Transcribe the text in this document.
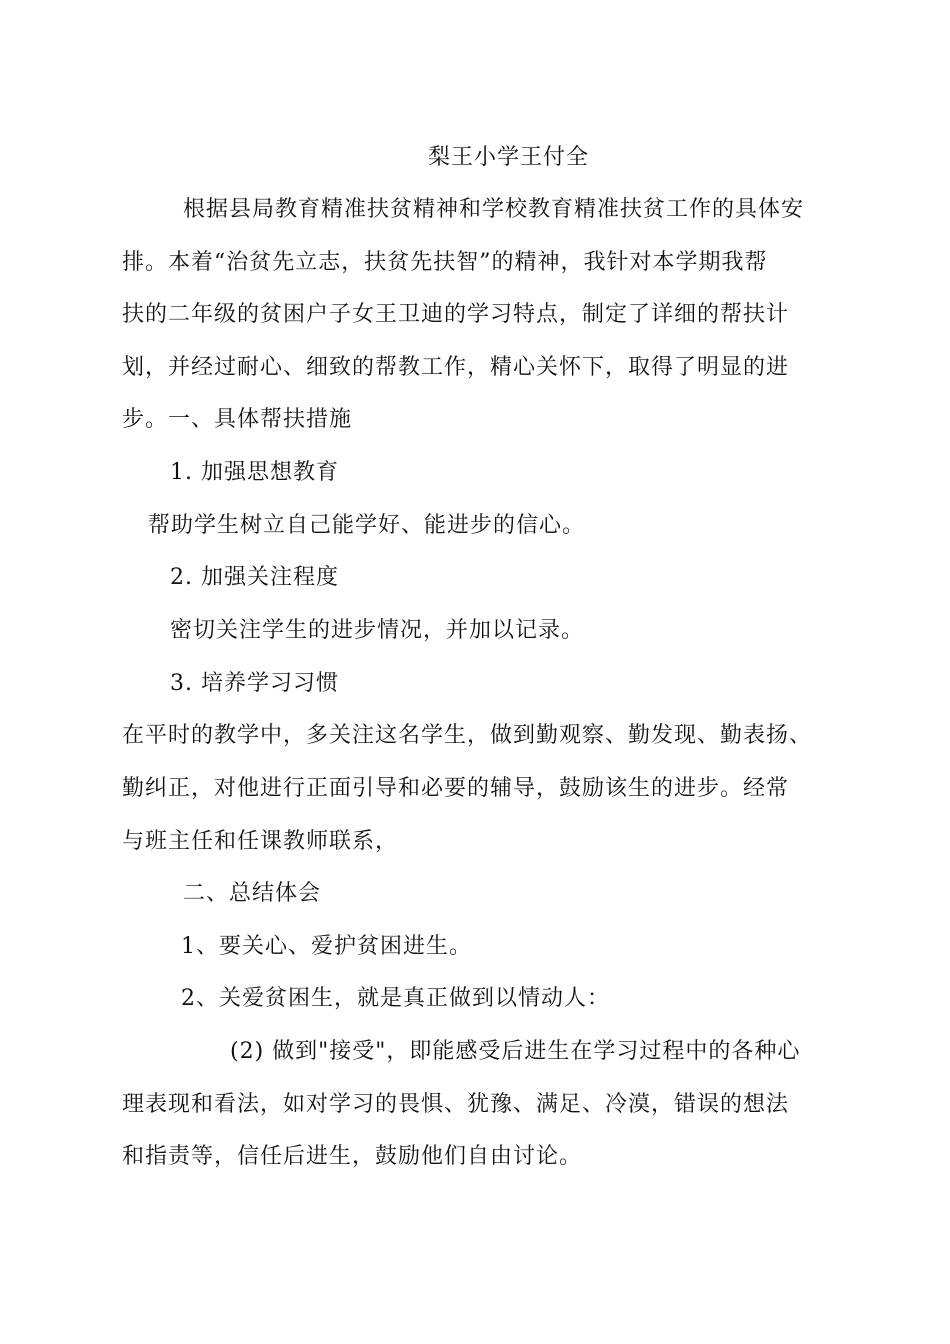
梨王小学王付全
根据县局教育精准扶贫精神和学校教育精准扶贫工作的具体安
排。本着“治贫先立志，扶贫先扶智”的精神，我针对本学期我帮
扶的二年级的贫困户子女王卫迪的学习特点，制定了详细的帮扶计
划，并经过耐心、细致的帮教工作，精心关怀下，取得了明显的进
步。一、具体帮扶措施
1. 加强思想教育
帮助学生树立自己能学好、能进步的信心。
2. 加强关注程度
密切关注学生的进步情况，并加以记录。
3. 培养学习习惯
在平时的教学中，多关注这名学生，做到勤观察、勤发现、勤表扬、
勤纠正，对他进行正面引导和必要的辅导，鼓励该生的进步。经常
与班主任和任课教师联系，
二、总结体会
1、要关心、爱护贫困进生。
2、关爱贫困生，就是真正做到以情动人：
(2) 做到"接受"，即能感受后进生在学习过程中的各种心
理表现和看法，如对学习的畏惧、犹豫、满足、冷漠，错误的想法
和指责等，信任后进生，鼓励他们自由讨论。
